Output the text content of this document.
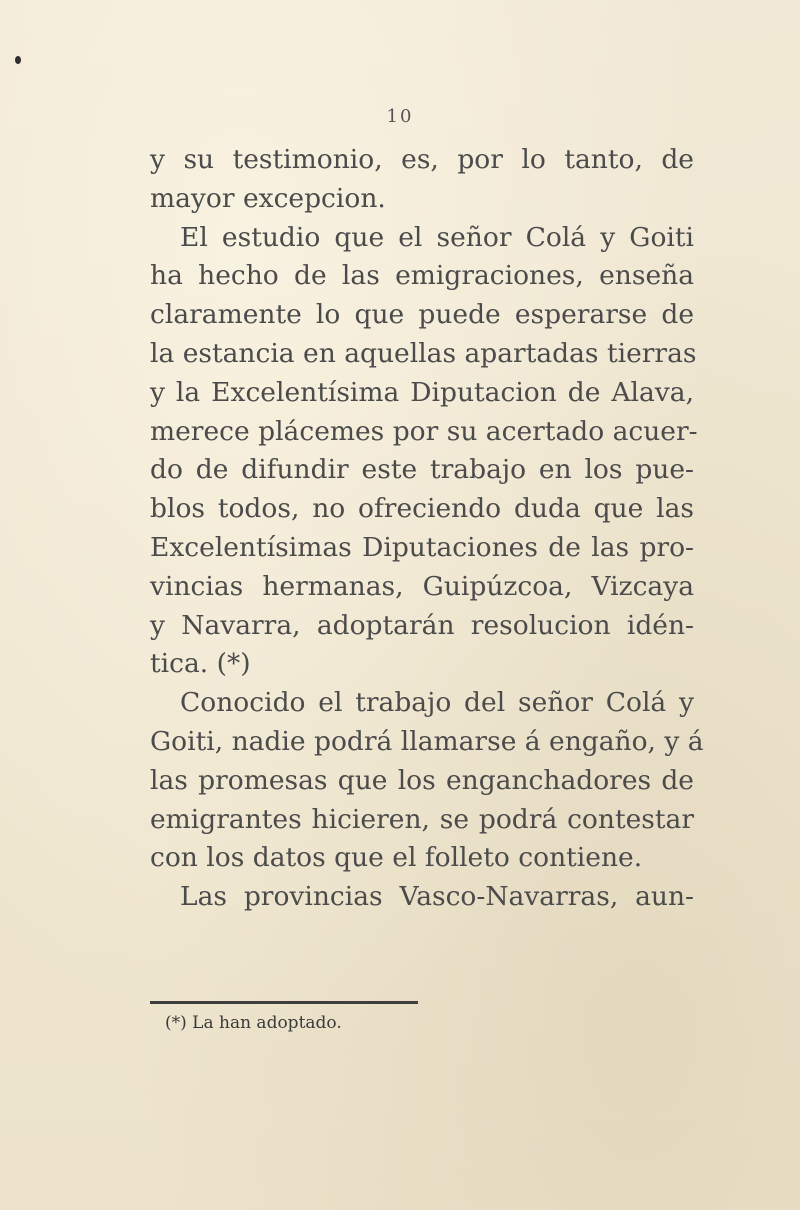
10
y su testimonio, es, por lo tanto, de
mayor excepcion.
El estudio que el señor Colá y Goiti
ha hecho de las emigraciones, enseña
claramente lo que puede esperarse de
la estancia en aquellas apartadas tierras
y la Excelentísima Diputacion de Alava,
merece plácemes por su acertado acuer-
do de difundir este trabajo en los pue-
blos todos, no ofreciendo duda que las
Excelentísimas Diputaciones de las pro-
vincias hermanas, Guipúzcoa, Vizcaya
y Navarra, adoptarán resolucion idén-
tica. (*)
Conocido el trabajo del señor Colá y
Goiti, nadie podrá llamarse á engaño, y á
las promesas que los enganchadores de
emigrantes hicieren, se podrá contestar
con los datos que el folleto contiene.
Las provincias Vasco-Navarras, aun-
(*) La han adoptado.
